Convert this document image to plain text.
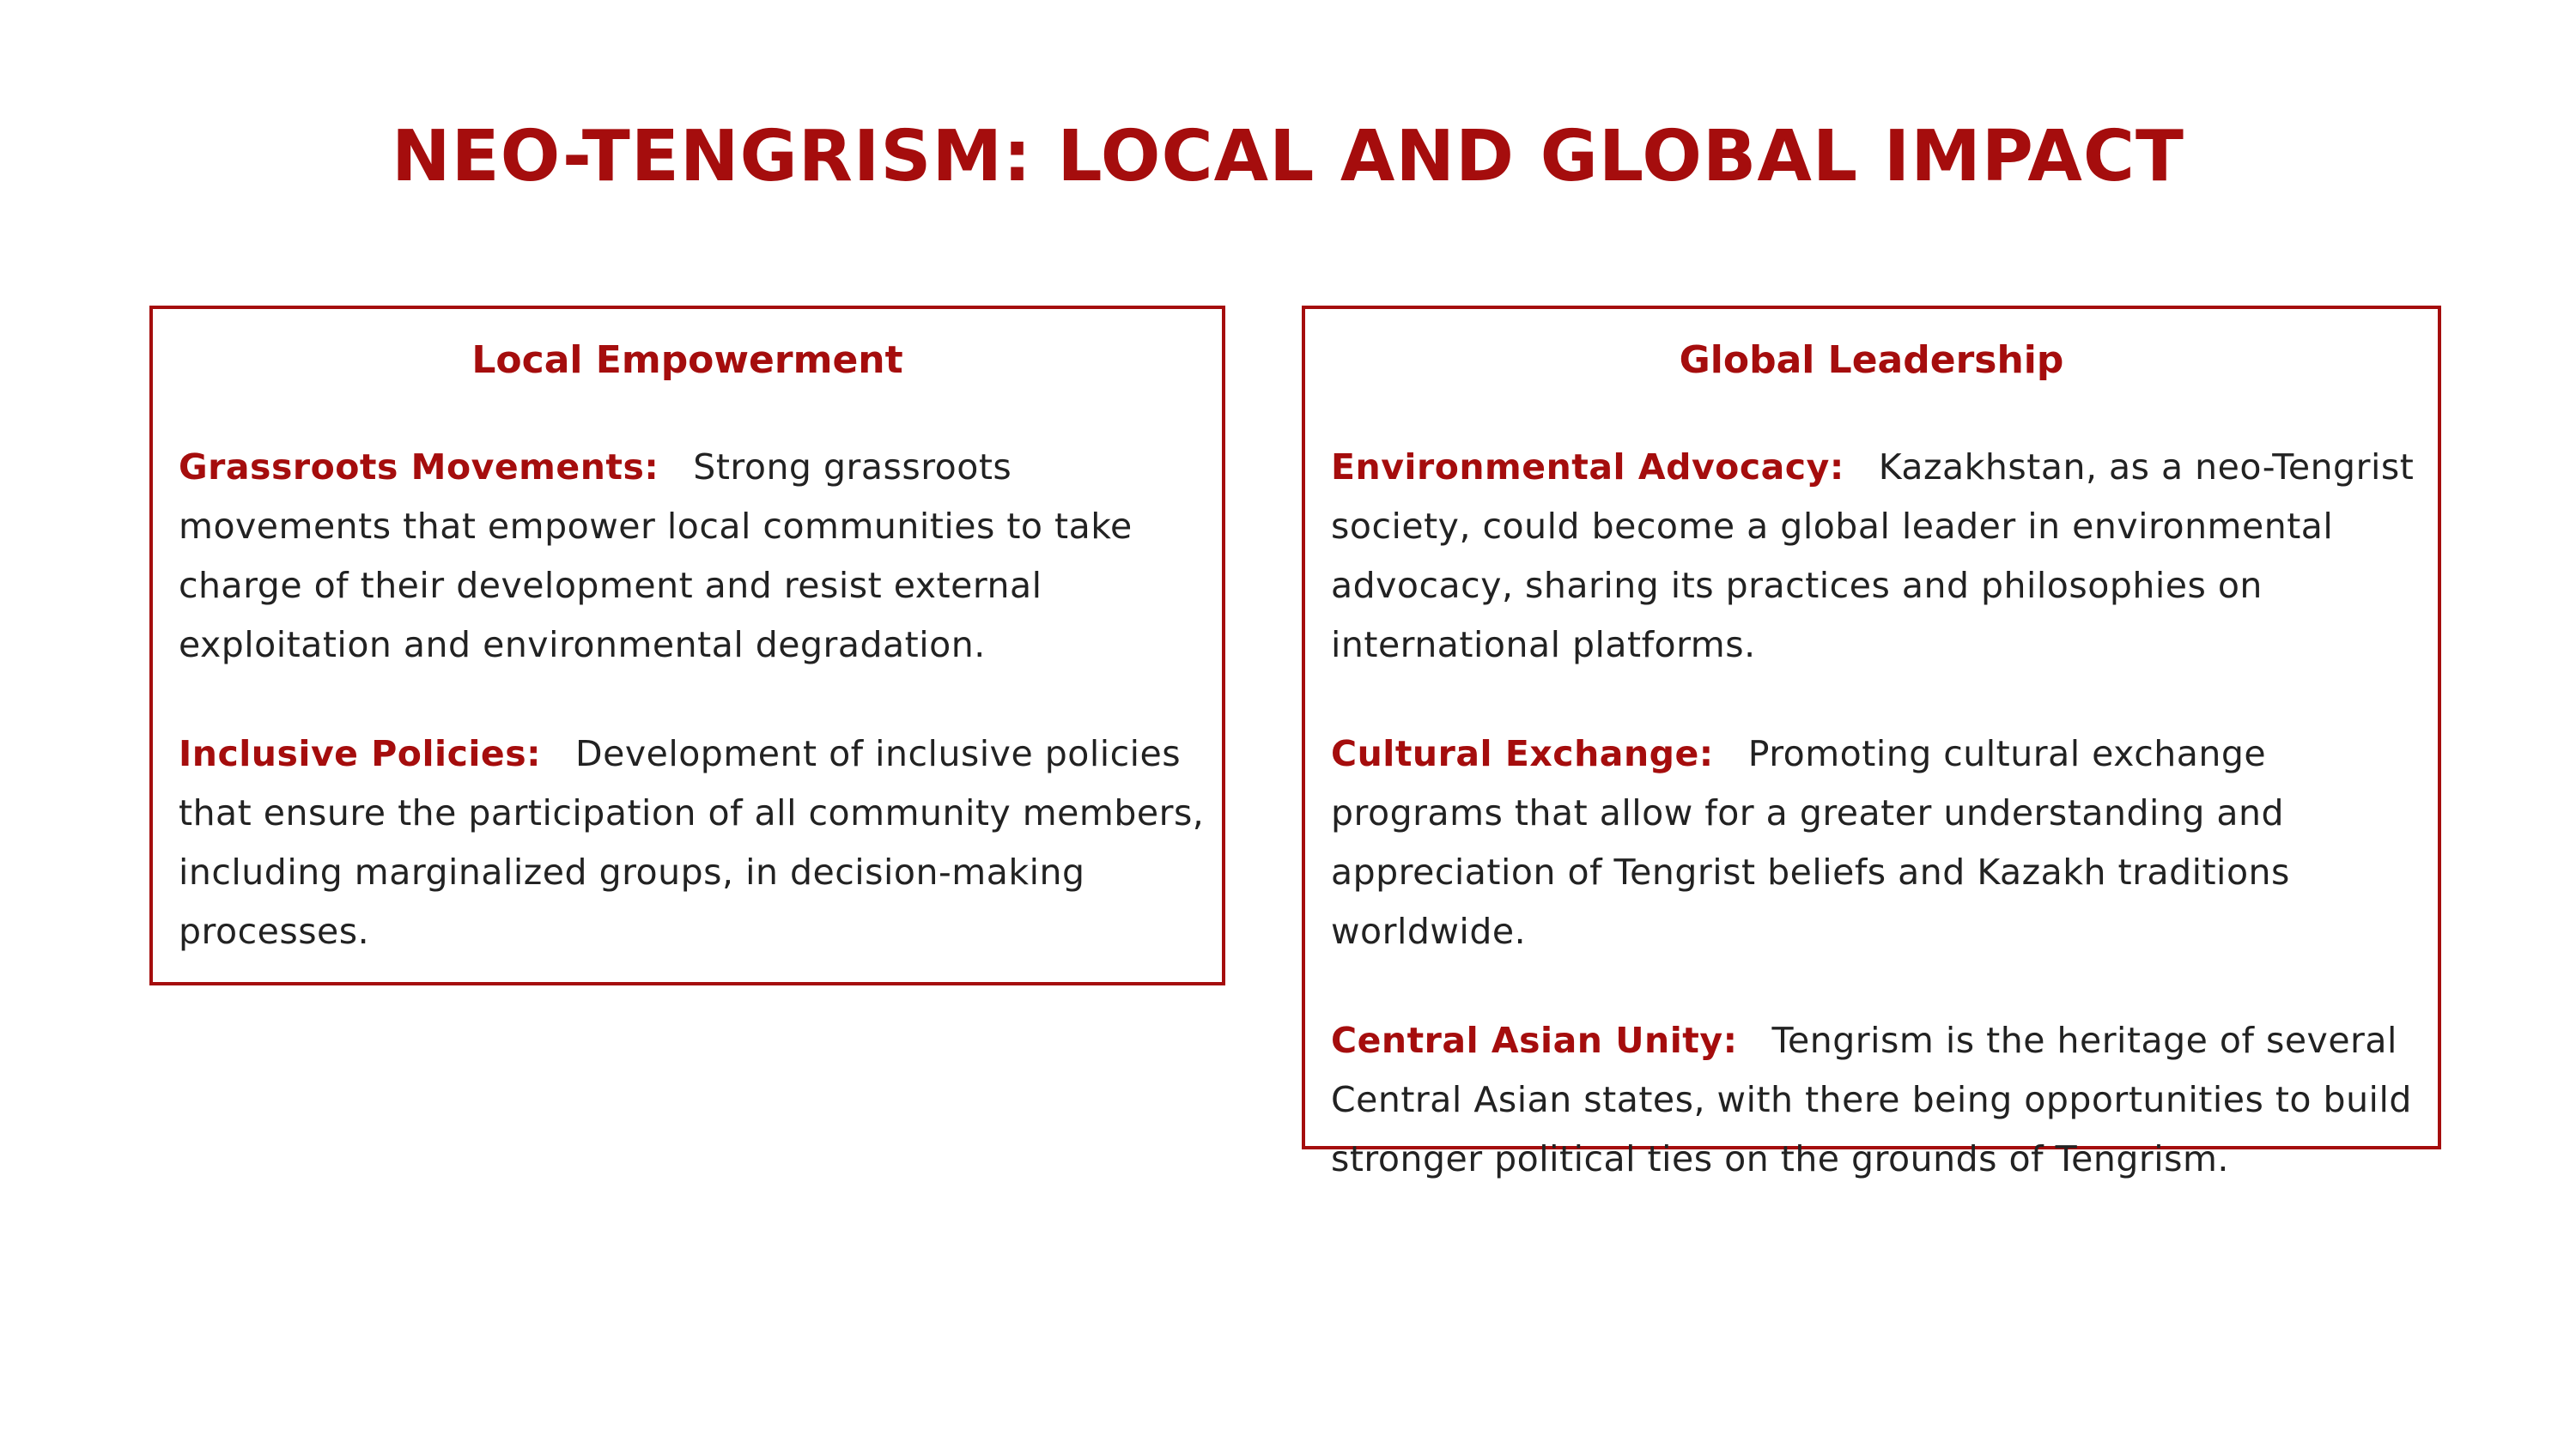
NEO-TENGRISM: LOCAL AND GLOBAL IMPACT
Local Empowerment

Grassroots Movements: Strong grassroots movements that empower local communities to take charge of their development and resist external exploitation and environmental degradation.

Inclusive Policies: Development of inclusive policies that ensure the participation of all community members, including marginalized groups, in decision-making processes.

Global Leadership

Environmental Advocacy: Kazakhstan, as a neo-Tengrist society, could become a global leader in environmental advocacy, sharing its practices and philosophies on international platforms.

Cultural Exchange: Promoting cultural exchange programs that allow for a greater understanding and appreciation of Tengrist beliefs and Kazakh traditions worldwide.

Central Asian Unity: Tengrism is the heritage of several Central Asian states, with there being opportunities to build stronger political ties on the grounds of Tengrism.
